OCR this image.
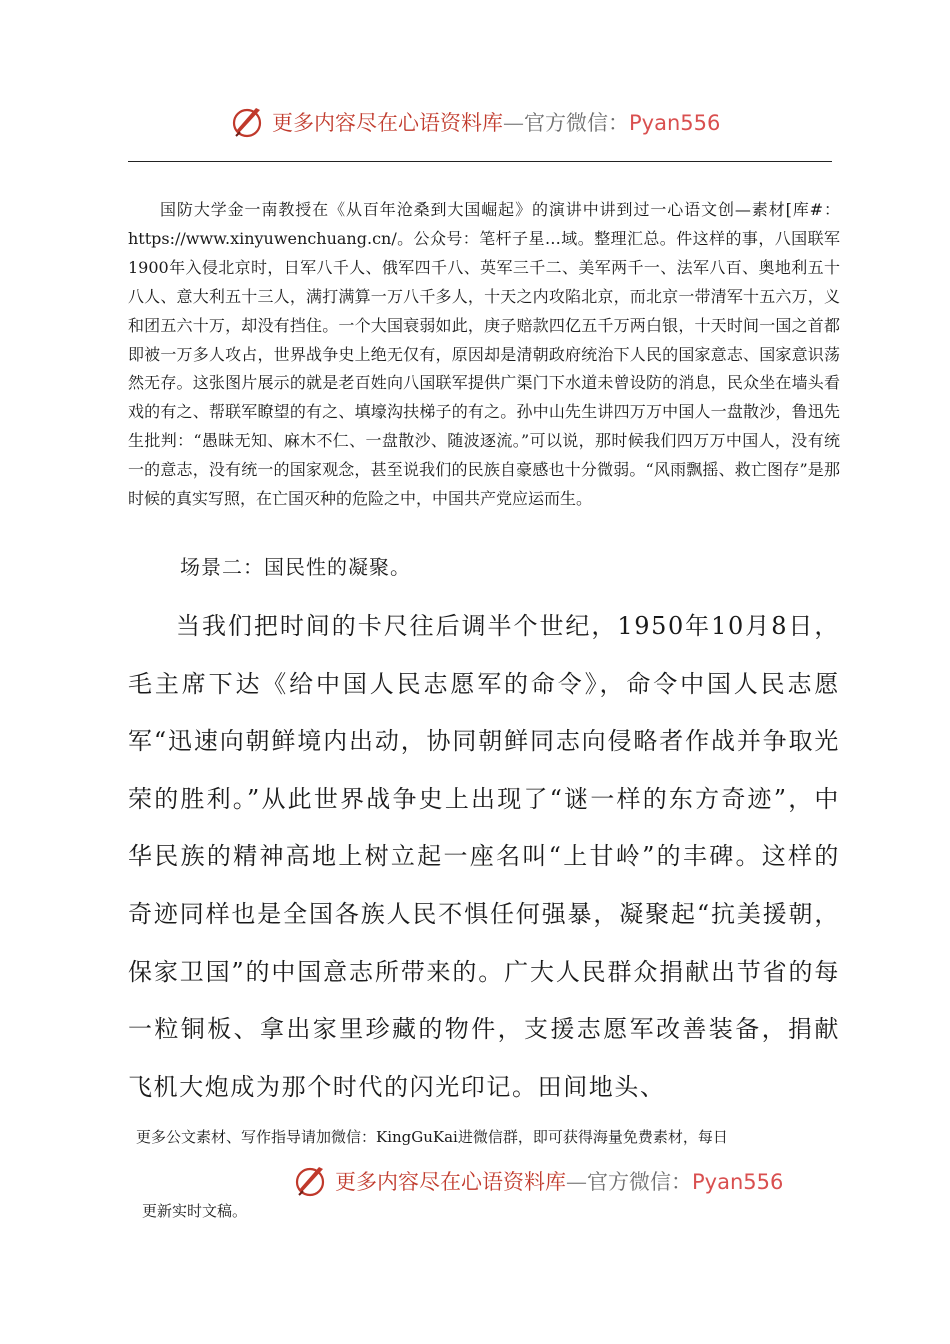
更多内容尽在心语资料库—官方微信：Pyan556

国防大学金一南教授在《从百年沧桑到大国崛起》的演讲中讲到过一心语文创—素材[库#：https://www.xinyuwenchuang.cn/。公众号：笔杆子星…域。整理汇总。件这样的事，八国联军1900年入侵北京时，日军八千人、俄军四千八、英军三千二、美军两千一、法军八百、奥地利五十八人、意大利五十三人，满打满算一万八千多人，十天之内攻陷北京，而北京一带清军十五六万，义和团五六十万，却没有挡住。一个大国衰弱如此，庚子赔款四亿五千万两白银，十天时间一国之首都即被一万多人攻占，世界战争史上绝无仅有，原因却是清朝政府统治下人民的国家意志、国家意识荡然无存。这张图片展示的就是老百姓向八国联军提供广渠门下水道未曾设防的消息，民众坐在墙头看戏的有之、帮联军瞭望的有之、填壕沟扶梯子的有之。孙中山先生讲四万万中国人一盘散沙，鲁迅先生批判：“愚昧无知、麻木不仁、一盘散沙、随波逐流。”可以说，那时候我们四万万中国人，没有统一的意志，没有统一的国家观念，甚至说我们的民族自豪感也十分微弱。“风雨飘摇、救亡图存”是那时候的真实写照，在亡国灭种的危险之中，中国共产党应运而生。

场景二：国民性的凝聚。

当我们把时间的卡尺往后调半个世纪，1950年10月8日，毛主席下达《给中国人民志愿军的命令》，命令中国人民志愿军“迅速向朝鲜境内出动，协同朝鲜同志向侵略者作战并争取光荣的胜利。”从此世界战争史上出现了“谜一样的东方奇迹”，中华民族的精神高地上树立起一座名叫“上甘岭”的丰碑。这样的奇迹同样也是全国各族人民不惧任何强暴，凝聚起“抗美援朝，保家卫国”的中国意志所带来的。广大人民群众捐献出节省的每一粒铜板、拿出家里珍藏的物件，支援志愿军改善装备，捐献飞机大炮成为那个时代的闪光印记。田间地头、

更多公文素材、写作指导请加微信：KingGuKai进微信群，即可获得海量免费素材，每日

更多内容尽在心语资料库—官方微信：Pyan556

更新实时文稿。
